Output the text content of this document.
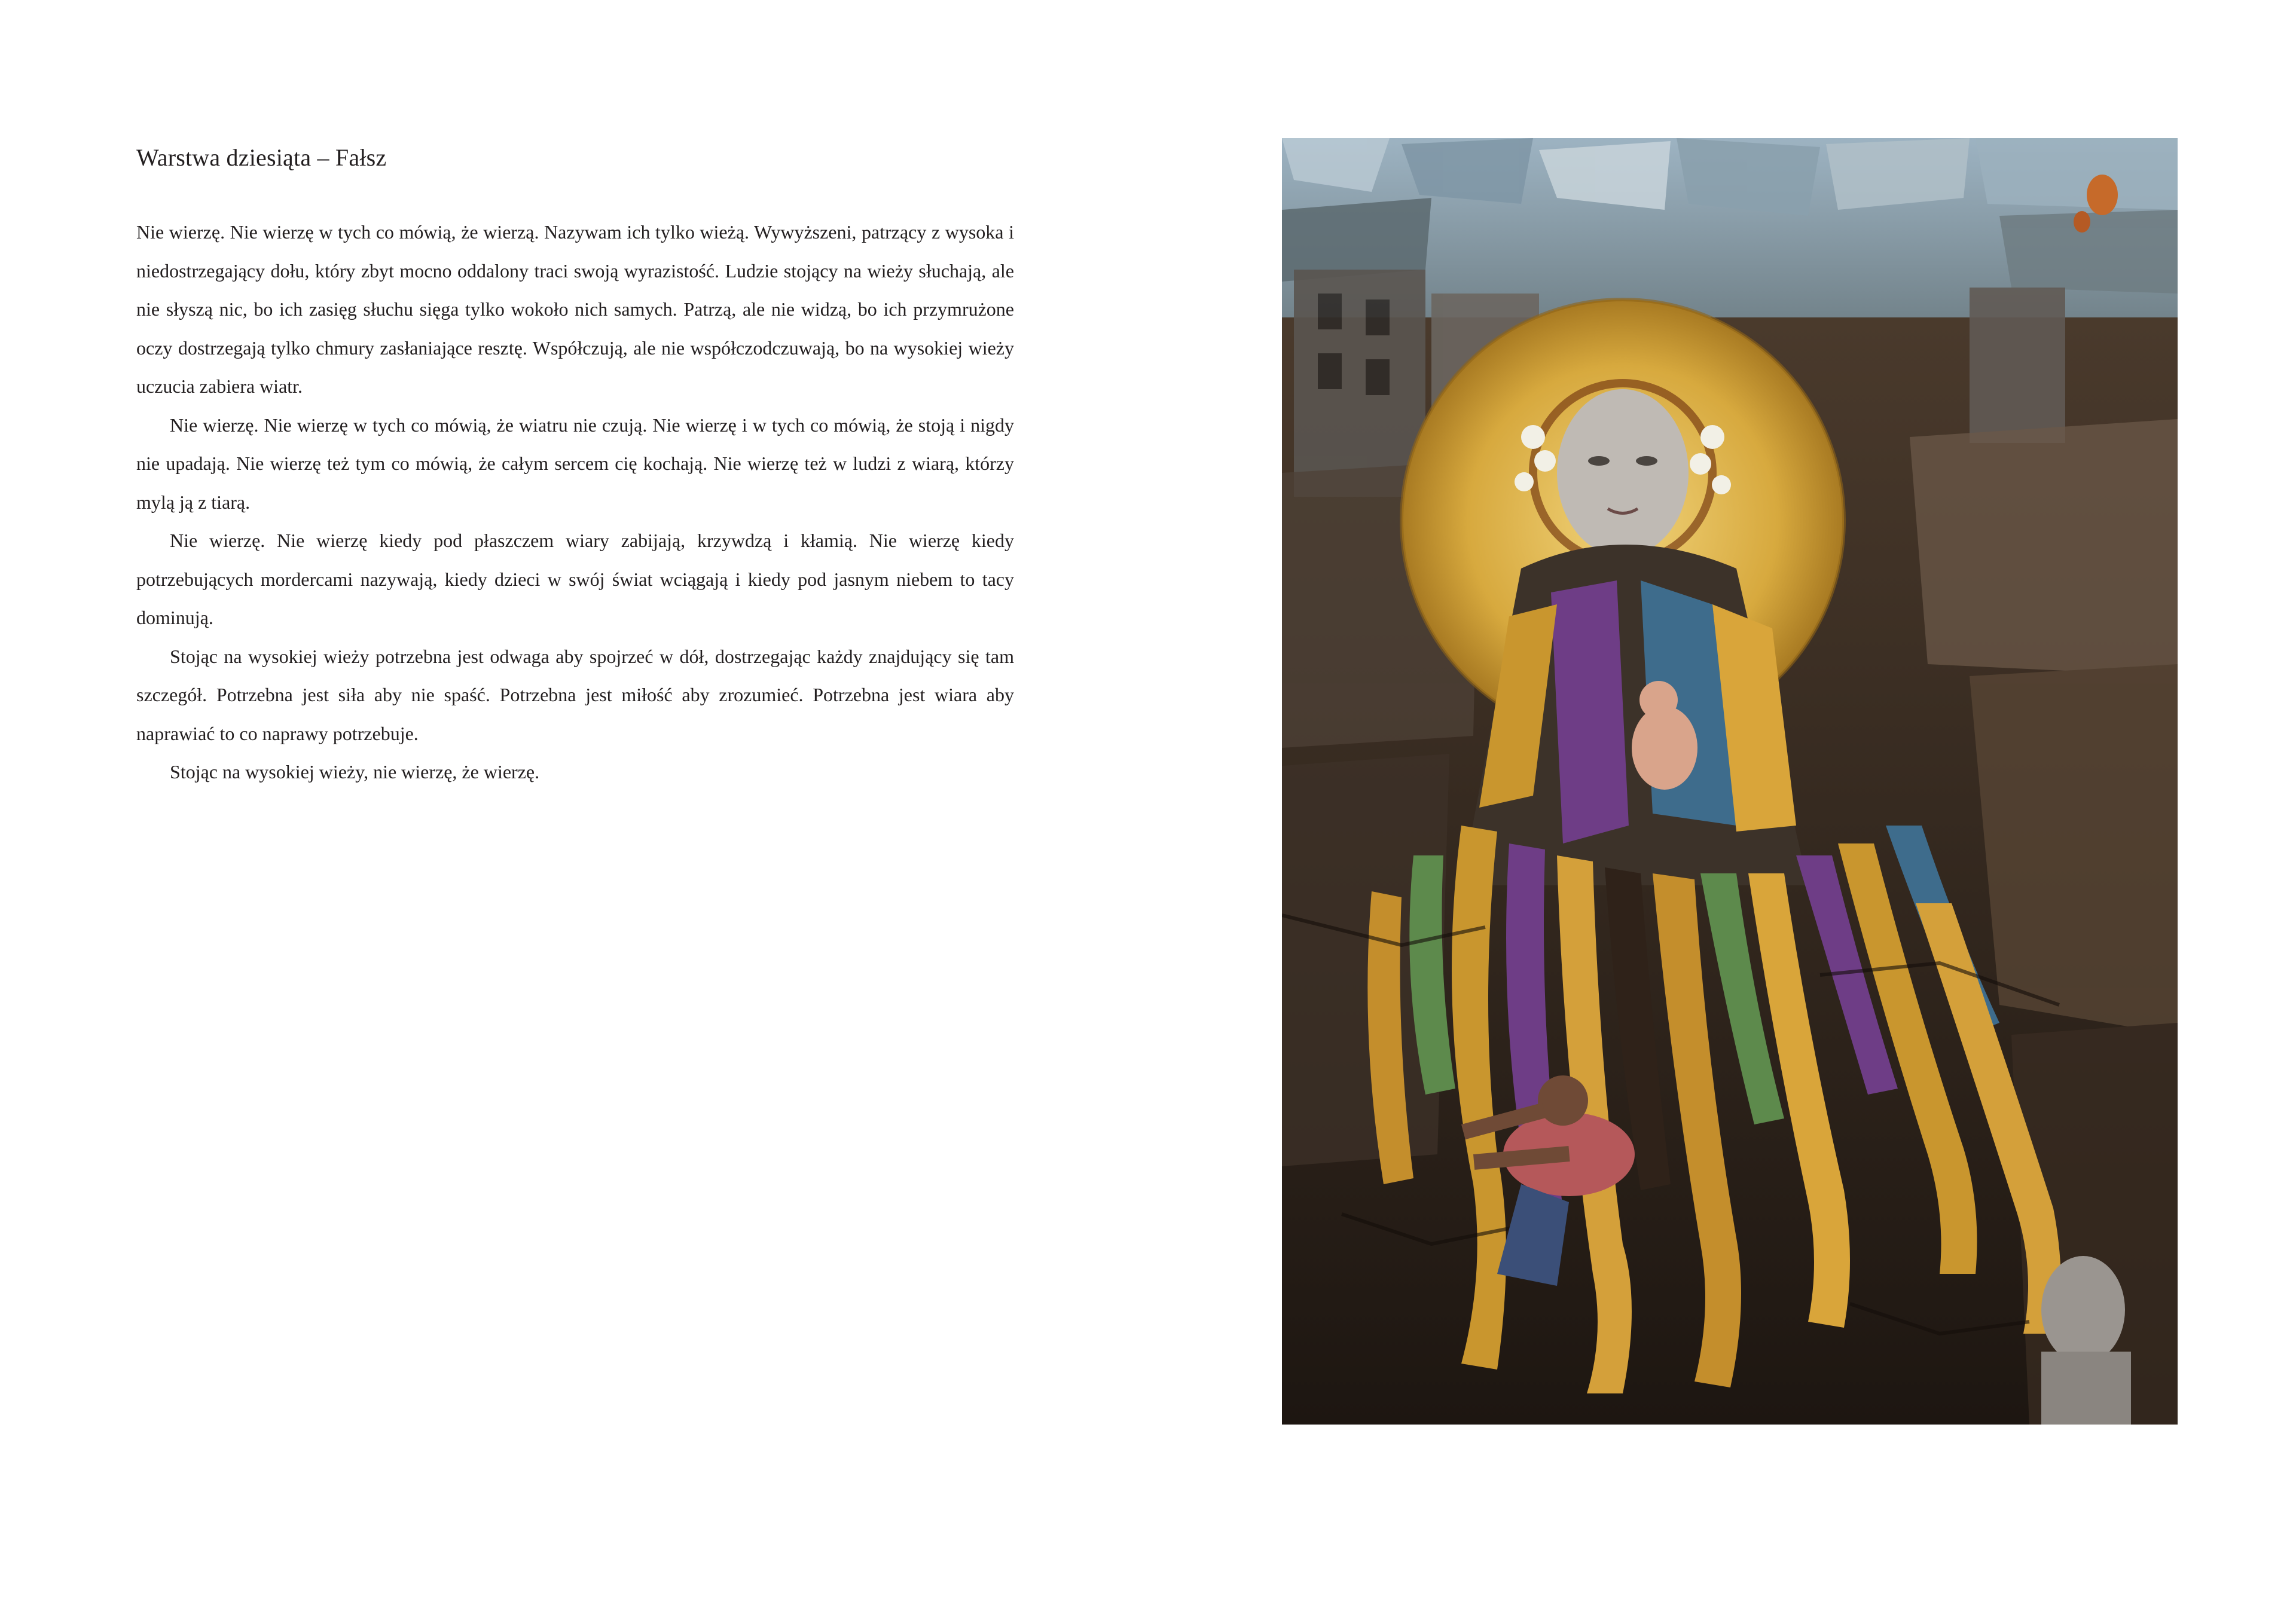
Warstwa dziesiąta – Fałsz

Nie wierzę. Nie wierzę w tych co mówią, że wierzą. Nazywam ich tylko wieżą. Wywyższeni, patrzący z wysoka i niedostrzegający dołu, który zbyt mocno oddalony traci swoją wyrazistość. Ludzie stojący na wieży słuchają, ale nie słyszą nic, bo ich zasięg słuchu sięga tylko wokoło nich samych. Patrzą, ale nie widzą, bo ich przymrużone oczy dostrzegają tylko chmury zasłaniające resztę. Współczują, ale nie współczodczuwają, bo na wysokiej wieży uczucia zabiera wiatr.

Nie wierzę. Nie wierzę w tych co mówią, że wiatru nie czują. Nie wierzę i w tych co mówią, że stoją i nigdy nie upadają. Nie wierzę też tym co mówią, że całym sercem cię kochają. Nie wierzę też w ludzi z wiarą, którzy mylą ją z tiarą.

Nie wierzę. Nie wierzę kiedy pod płaszczem wiary zabijają, krzywdzą i kłamią. Nie wierzę kiedy potrzebujących mordercami nazywają, kiedy dzieci w swój świat wciągają i kiedy pod jasnym niebem to tacy dominują.

Stojąc na wysokiej wieży potrzebna jest odwaga aby spojrzeć w dół, dostrzegając każdy znajdujący się tam szczegół. Potrzebna jest siła aby nie spaść. Potrzebna jest miłość aby zrozumieć. Potrzebna jest wiara aby naprawiać to co naprawy potrzebuje.

Stojąc na wysokiej wieży, nie wierzę, że wierzę.
